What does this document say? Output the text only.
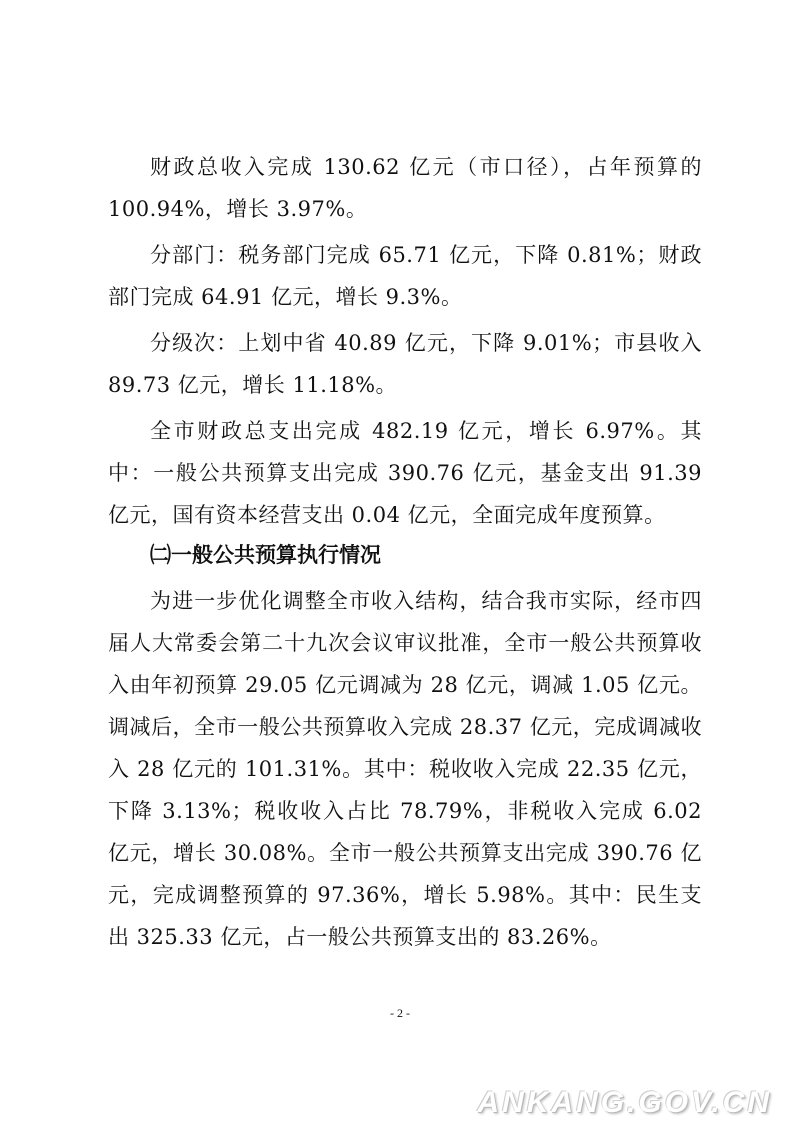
财政总收入完成 130.62 亿元（市口径），占年预算的 100.94%，增长 3.97%。

分部门：税务部门完成 65.71 亿元，下降 0.81%；财政部门完成 64.91 亿元，增长 9.3%。

分级次：上划中省 40.89 亿元，下降 9.01%；市县收入 89.73 亿元，增长 11.18%。

全市财政总支出完成 482.19 亿元，增长 6.97%。其中：一般公共预算支出完成 390.76 亿元，基金支出 91.39 亿元，国有资本经营支出 0.04 亿元，全面完成年度预算。

㈡一般公共预算执行情况

为进一步优化调整全市收入结构，结合我市实际，经市四届人大常委会第二十九次会议审议批准，全市一般公共预算收入由年初预算 29.05 亿元调减为 28 亿元，调减 1.05 亿元。调减后，全市一般公共预算收入完成 28.37 亿元，完成调减收入 28 亿元的 101.31%。其中：税收收入完成 22.35 亿元，下降 3.13%；税收收入占比 78.79%，非税收入完成 6.02 亿元，增长 30.08%。全市一般公共预算支出完成 390.76 亿元，完成调整预算的 97.36%，增长 5.98%。其中：民生支出 325.33 亿元，占一般公共预算支出的 83.26%。

- 2 -
ANKANG.GOV.CN
